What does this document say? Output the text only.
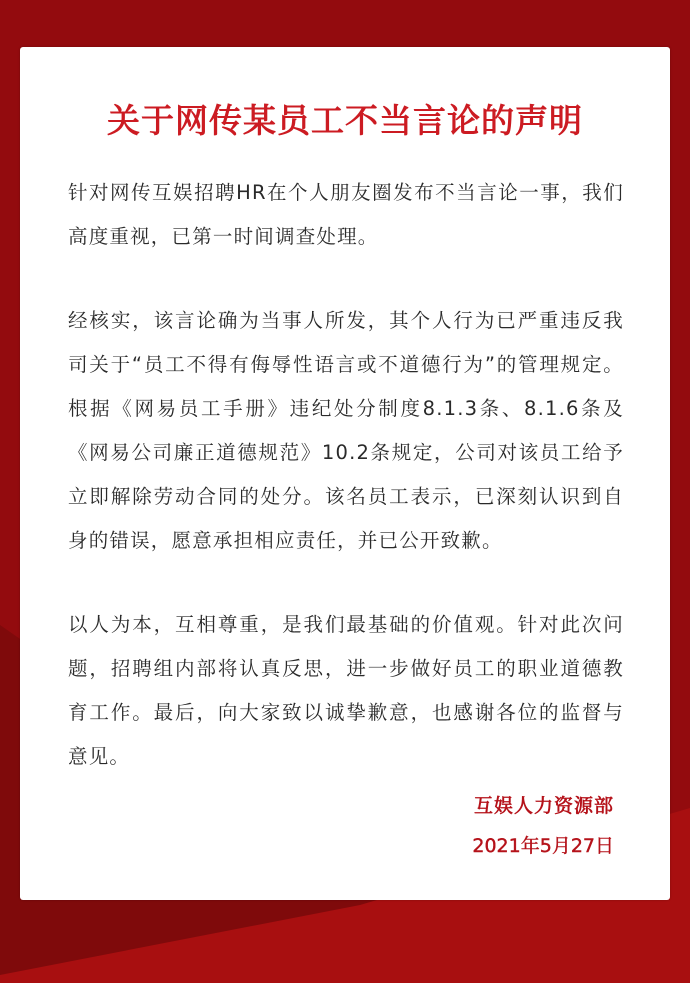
关于网传某员工不当言论的声明

针对网传互娱招聘HR在个人朋友圈发布不当言论一事，我们高度重视，已第一时间调查处理。

经核实，该言论确为当事人所发，其个人行为已严重违反我司关于“员工不得有侮辱性语言或不道德行为”的管理规定。根据《网易员工手册》违纪处分制度8.1.3条、8.1.6条及《网易公司廉正道德规范》10.2条规定，公司对该员工给予立即解除劳动合同的处分。该名员工表示，已深刻认识到自身的错误，愿意承担相应责任，并已公开致歉。

以人为本，互相尊重，是我们最基础的价值观。针对此次问题，招聘组内部将认真反思，进一步做好员工的职业道德教育工作。最后，向大家致以诚挚歉意，也感谢各位的监督与意见。

互娱人力资源部
2021年5月27日
